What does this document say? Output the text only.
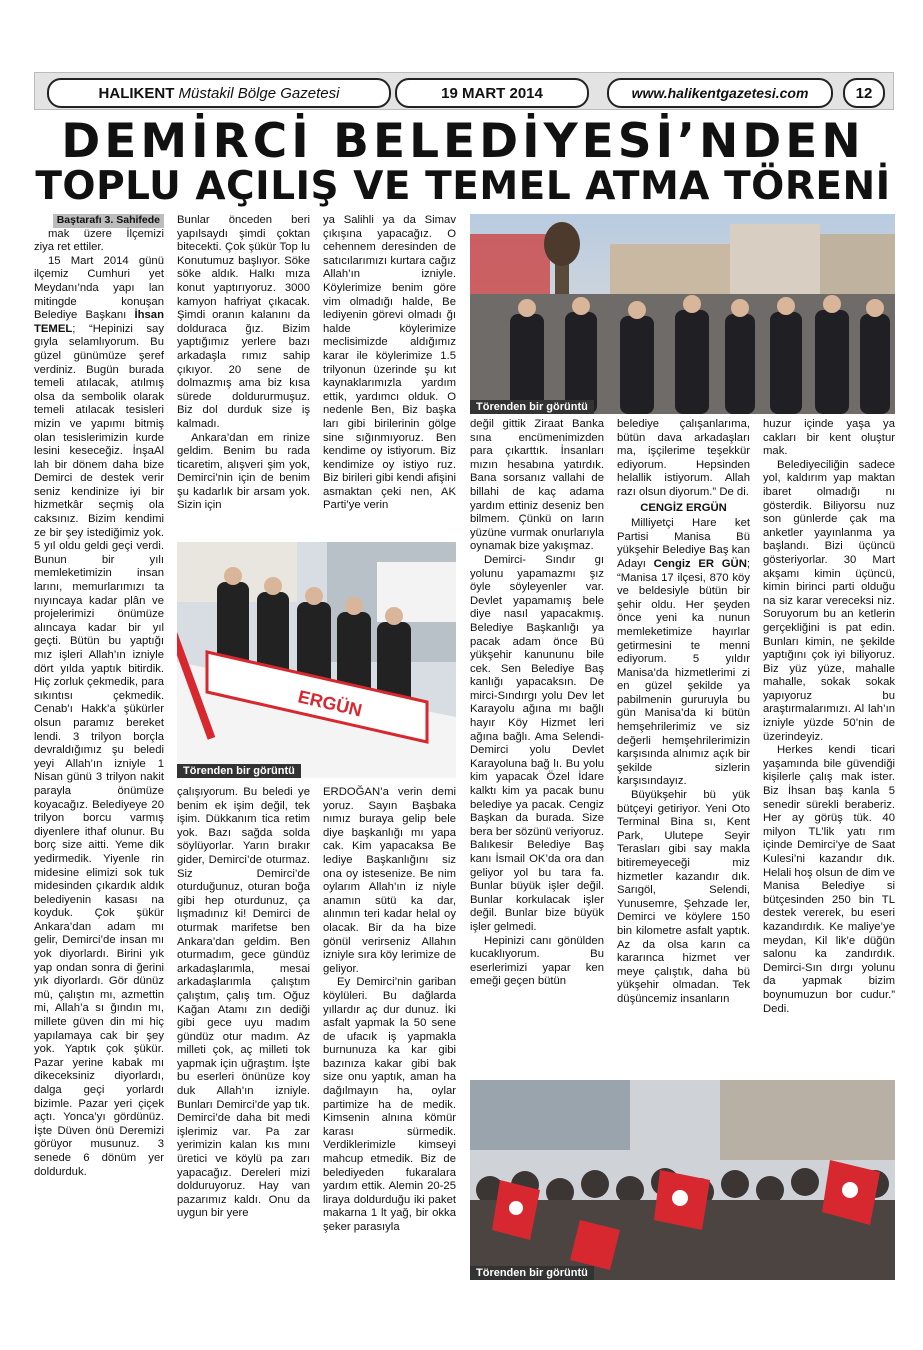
HALIKENT
Müstakil Bölge Gazetesi	19 MART 2014	www.halikentgazetesi.com	12
DEMİRCİ BELEDİYESİ’NDEN
TOPLU AÇILIŞ VE TEMEL ATMA TÖRENİ

Baştarafı 3. Sahifede

mak üzere İlçemizi ziya ret ettiler.

15 Mart 2014 günü ilçemiz Cumhuri yet Meydanı’nda yapı lan mitingde konuşan Belediye Başkanı İhsan TEMEL; “Hepinizi say gıyla selamlıyorum. Bu güzel günümüze şeref verdiniz. Bugün burada temeli atılacak, atılmış olsa da sembolik olarak temeli atılacak tesisleri mizin ve yapımı bitmiş olan tesislerimizin kurde lesini keseceğiz. İnşaAl lah bir dönem daha bize Demirci de destek verir seniz kendinize iyi bir hizmetkâr seçmiş ola caksınız. Bizim kendimi ze bir şey istediğimiz yok. 5 yıl oldu geldi geçi verdi. Bunun bir yılı memleketimizin insan larını, memurlarımızı ta nıyıncaya kadar plân ve projelerimizi önümüze alıncaya kadar bir yıl geçti. Bütün bu yaptığı mız işleri Allah’ın izniyle dört yılda yaptık bitirdik. Hiç zorluk çekmedik, para sıkıntısı çekmedik. Cenab’ı Hakk’a şükürler olsun paramız bereket lendi. 3 trilyon borçla devraldığımız şu beledi yeyi Allah’ın izniyle 1 Nisan günü 3 trilyon nakit parayla önümüze koyacağız. Belediyeye 20 trilyon borcu varmış diyenlere ithaf olunur. Bu borç size aitti. Yeme dik yedirmedik. Yiyenle rin midesine elimizi sok tuk midesinden çıkardık aldık belediyenin kasası na koyduk. Çok şükür Ankara’dan adam mı gelir, Demirci’de insan mı yok diyorlardı. Birini yık yap ondan sonra di ğerini yık diyorlardı. Gör dünüz mü, çalıştın mı, azmettin mi, Allah’a sı ğındın mı, millete güven din mi hiç yapılamaya cak bir şey yok. Yaptık çok şükür. Pazar yerine kabak mı dikeceksiniz diyorlardı, dalga geçi yorlardı bizimle. Pazar yeri çiçek açtı. Yonca’yı gördünüz. İşte Düven önü Deremizi görüyor musunuz. 3 senede 6 dönüm yer doldurduk.

Bunlar önceden beri yapılsaydı şimdi çoktan bitecekti. Çok şükür Top lu Konutumuz başlıyor. Söke söke aldık. Halkı mıza konut yaptırıyoruz. 3000 kamyon hafriyat çıkacak. Şimdi oranın kalanını da dolduraca ğız. Bizim yaptığımız yerlere bazı arkadaşla rımız sahip çıkıyor. 20 sene de dolmazmış ama biz kısa sürede doldururmuşuz. Biz dol durduk size iş kalmadı.

Ankara’dan em rinize geldim. Benim bu rada ticaretim, alışveri şim yok, Demirci’nin için de benim şu kadarlık bir arsam yok. Sizin için

çalışıyorum. Bu beledi ye benim ek işim değil, tek işim. Dükkanım tica retim yok. Bazı sağda solda söylüyorlar. Yarın bırakır gider, Demirci’de oturmaz. Siz Demirci’de oturduğunuz, oturan boğa gibi hep oturdunuz, ça lışmadınız ki! Demirci de oturmak marifetse ben Ankara’dan geldim. Ben oturmadım, gece gündüz arkadaşlarımla, mesai arkadaşlarımla çalıştım çalıştım, çalış tım. Oğuz Kağan Atamı zın dediği gibi gece uyu madım gündüz otur madım. Az milleti çok, aç milleti tok yapmak için uğraştım. İşte bu eserleri önünüze koy duk Allah’ın izniyle. Bunları Demirci’de yap tık. Demirci’de daha bit medi işlerimiz var. Pa zar yerimizin kalan kıs mını üretici ve köylü pa zarı yapacağız. Dereleri mizi dolduruyoruz. Hay van pazarımız kaldı. Onu da uygun bir yere

ya Salihli ya da Simav çıkışına yapacağız. O cehennem deresinden de satıcılarımızı kurtara cağız Allah’ın izniyle. Köylerimize benim göre vim olmadığı halde, Be lediyenin görevi olmadı ğı halde köylerimize meclisimizde aldığımız karar ile köylerimize 1.5 trilyonun üzerinde şu kıt kaynaklarımızla yardım ettik, yardımcı olduk. O nedenle Ben, Biz başka ları gibi birilerinin gölge sine sığınmıyoruz. Ben kendime oy istiyorum. Biz kendimize oy istiyo ruz. Biz birileri gibi kendi afişini asmaktan çeki nen, AK Parti’ye verin

ERDOĞAN’a verin demi yoruz. Sayın Başbaka nımız buraya gelip bele diye başkanlığı mı yapa cak. Kim yapacaksa Be lediye Başkanlığını siz ona oy istesenize. Be nim oylarım Allah’ın iz niyle anamın sütü ka dar, alınmın teri kadar helal oy olacak. Bir da ha bize gönül verirseniz Allahın izniyle sıra köy lerimize de geliyor.

Ey Demirci’nin gariban köylüleri. Bu dağlarda yıllardır aç dur dunuz. İki asfalt yapmak la 50 sene de ufacık iş yapmakla burnunuza ka kar gibi bazınıza kakar gibi bak size onu yaptık, aman ha dağılmayın ha, oylar partimize ha de medik. Kimsenin alnına kömür karası sürmedik. Verdiklerimizle kimseyi mahcup etmedik. Biz de belediyeden fukaralara yardım ettik. Alemin 20-25 liraya doldurduğu iki paket makarna 1 lt yağ, bir okka şeker parasıyla

değil gittik Ziraat Banka sına encümenimizden para çıkarttık. İnsanları mızın hesabına yatırdık. Bana sorsanız vallahi de billahi de kaç adama yardım ettiniz deseniz ben bilmem. Çünkü on ların yüzüne vurmak onurlarıyla oynamak bize yakışmaz.

Demirci- Sındır gı yolunu yapamazmı şız öyle söyleyenler var. Devlet yapamamış bele diye nasıl yapacakmış. Belediye Başkanlığı ya pacak adam önce Bü yükşehir kanununu bile cek. Sen Belediye Baş kanlığı yapacaksın. De mirci-Sındırgı yolu Dev let Karayolu ağına mı bağlı hayır Köy Hizmet leri ağına bağlı. Ama Selendi-Demirci yolu Devlet Karayoluna bağ lı. Bu yolu kim yapacak Özel İdare kalktı kim ya pacak bunu belediye ya pacak. Cengiz Başkan da burada. Size bera ber sözünü veriyoruz. Balıkesir Belediye Baş kanı İsmail OK’da ora dan geliyor yol bu tara fa. Bunlar büyük işler değil. Bunlar korkulacak işler değil. Bunlar bize büyük işler gelmedi.

Hepinizi canı gönülden kucaklıyorum. Bu eserlerimizi yapar ken emeği geçen bütün

belediye çalışanlarıma, bütün dava arkadaşları ma, işçilerime teşekkür ediyorum. Hepsinden helallik istiyorum. Allah razı olsun diyorum.” De di.

CENGİZ ERGÜN

Milliyetçi Hare ket Partisi Manisa Bü yükşehir Belediye Baş kan Adayı Cengiz ER GÜN; “Manisa 17 ilçesi, 870 köy ve beldesiyle bütün bir şehir oldu. Her şeyden önce yeni ka nunun memleketimize hayırlar getirmesini te menni ediyorum. 5 yıldır Manisa’da hizmetlerimi zi en güzel şekilde ya pabilmenin gururuyla bu gün Manisa’da ki bütün hemşehrilerimiz ve siz değerli hemşehrilerimizin karşısında alnımız açık bir şekilde sizlerin karşısındayız.

Büyükşehir bü yük bütçeyi getiriyor. Yeni Oto Terminal Bina sı, Kent Park, Ulutepe Seyir Terasları gibi say makla bitiremeyeceği miz hizmetler kazandır dık. Sarıgöl, Selendi, Yunusemre, Şehzade ler, Demirci ve köylere 150 bin kilometre asfalt yaptık. Az da olsa karın ca kararınca hizmet ver meye çalıştık, daha bü yükşehir olmadan. Tek düşüncemiz insanların

huzur içinde yaşa ya cakları bir kent oluştur mak.

Belediyeciliğin sadece yol, kaldırım yap maktan ibaret olmadığı nı gösterdik. Biliyorsu nuz son günlerde çak ma anketler yayınlanma ya başlandı. Bizi üçüncü gösteriyorlar. 30 Mart akşamı kimin üçüncü, kimin birinci parti olduğu na siz karar vereceksi niz. Soruyorum bu an ketlerin gerçekliğini is pat edin. Bunları kimin, ne şekilde yaptığını çok iyi biliyoruz. Biz yüz yüze, mahalle mahalle, sokak sokak yapıyoruz bu araştırmalarımızı. Al lah’ın izniyle yüzde 50’nin de üzerindeyiz.

Herkes kendi ticari yaşamında bile güvendiği kişilerle çalış mak ister. Biz İhsan baş kanla 5 senedir sürekli beraberiz. Her ay görüş tük. 40 milyon TL’lik yatı rım içinde Demirci’ye de Saat Kulesi’ni kazandır dık. Helali hoş olsun de dim ve Manisa Belediye si bütçesinden 250 bin TL destek vererek, bu eseri kazandırdık. Ke maliye’ye meydan, Kil lik’e düğün salonu ka zandırdık. Demirci-Sın dırgı yolunu da yapmak bizim boynumuzun bor cudur.” Dedi.

Törenden bir görüntü
ERGÜN
Törenden bir görüntü
Törenden bir görüntü
